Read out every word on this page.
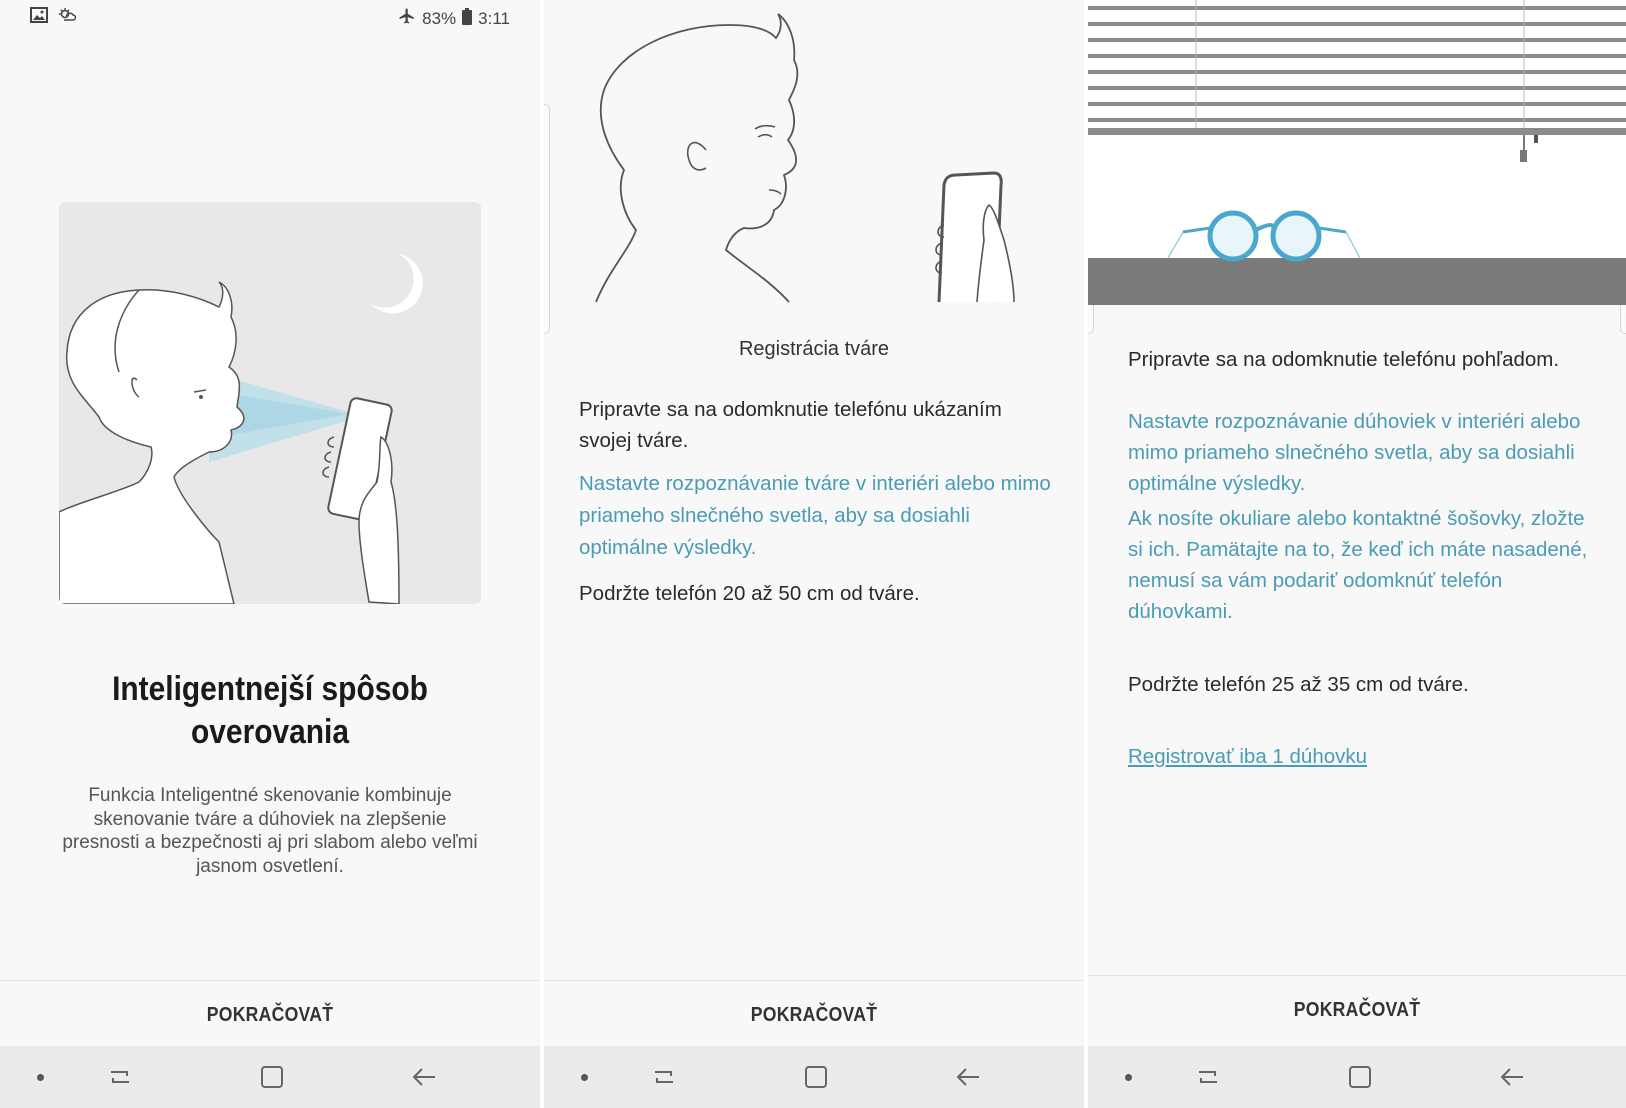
83% 3:11
Inteligentnejší spôsob overovania
Funkcia Inteligentné skenovanie kombinuje skenovanie tváre a dúhoviek na zlepšenie presnosti a bezpečnosti aj pri slabom alebo veľmi jasnom osvetlení.
POKRAČOVAŤ
Registrácia tváre
Pripravte sa na odomknutie telefónu ukázaním svojej tváre.
Nastavte rozpoznávanie tváre v interiéri alebo mimo priameho slnečného svetla, aby sa dosiahli optimálne výsledky.
Podržte telefón 20 až 50 cm od tváre.
POKRAČOVAŤ
Pripravte sa na odomknutie telefónu pohľadom.
Nastavte rozpoznávanie dúhoviek v interiéri alebo mimo priameho slnečného svetla, aby sa dosiahli optimálne výsledky.
Ak nosíte okuliare alebo kontaktné šošovky, zložte si ich. Pamätajte na to, že keď ich máte nasadené, nemusí sa vám podariť odomknúť telefón dúhovkami.
Podržte telefón 25 až 35 cm od tváre.
Registrovať iba 1 dúhovku
POKRAČOVAŤ
